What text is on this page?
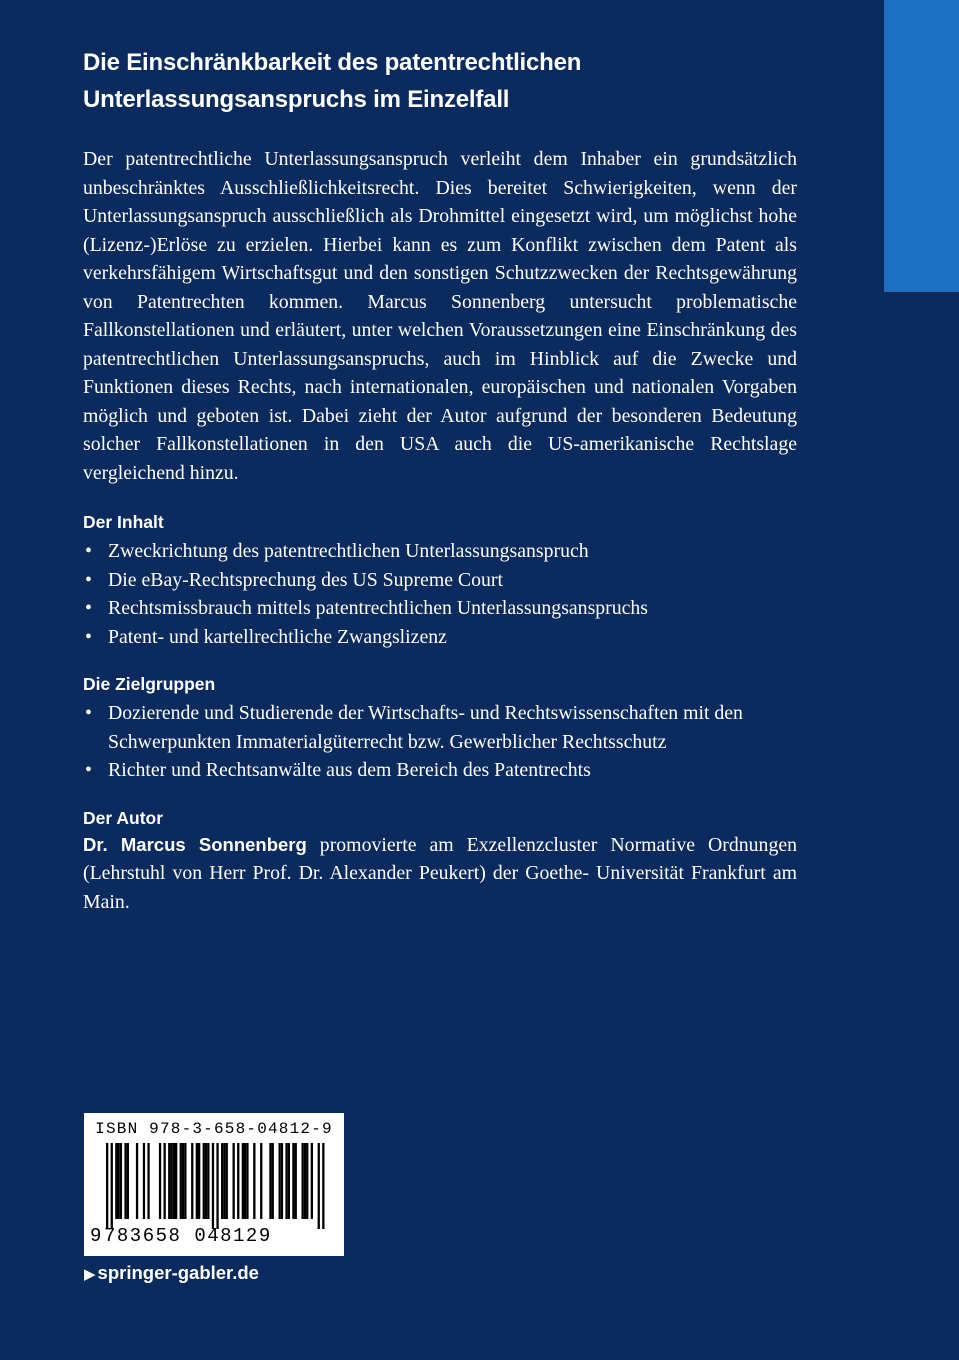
Die Einschränkbarkeit des patentrechtlichen
Unterlassungsanspruchs im Einzelfall

Der patentrechtliche Unterlassungsanspruch verleiht dem Inhaber ein grundsätzlich unbeschränktes Ausschließlichkeitsrecht. Dies bereitet Schwierigkeiten, wenn der Unterlassungsanspruch ausschließlich als Drohmittel eingesetzt wird, um möglichst hohe (Lizenz-)Erlöse zu erzielen. Hierbei kann es zum Konflikt zwischen dem Patent als verkehrsfähigem Wirtschaftsgut und den sonstigen Schutzzwecken der Rechtsgewährung von Patentrechten kommen. Marcus Sonnenberg untersucht problematische Fallkonstellationen und erläutert, unter welchen Voraussetzungen eine Einschränkung des patentrechtlichen Unterlassungsanspruchs, auch im Hinblick auf die Zwecke und Funktionen dieses Rechts, nach internationalen, europäischen und nationalen Vorgaben möglich und geboten ist. Dabei zieht der Autor aufgrund der besonderen Bedeutung solcher Fallkonstellationen in den USA auch die US-amerikanische Rechtslage vergleichend hinzu.

Der Inhalt
• Zweckrichtung des patentrechtlichen Unterlassungsanspruch
• Die eBay-Rechtsprechung des US Supreme Court
• Rechtsmissbrauch mittels patentrechtlichen Unterlassungsanspruchs
• Patent- und kartellrechtliche Zwangslizenz
Die Zielgruppen
• Dozierende und Studierende der Wirtschafts- und Rechtswissenschaften mit den Schwerpunkten Immaterialgüterrecht bzw. Gewerblicher Rechtsschutz
• Richter und Rechtsanwälte aus dem Bereich des Patentrechts
Der Autor

Dr. Marcus Sonnenberg promovierte am Exzellenzcluster Normative Ordnungen (Lehrstuhl von Herr Prof. Dr. Alexander Peukert) der Goethe- Universität Frankfurt am Main.

ISBN 978-3-658-04812-9
9 783658 048129
▶ springer-gabler.de
